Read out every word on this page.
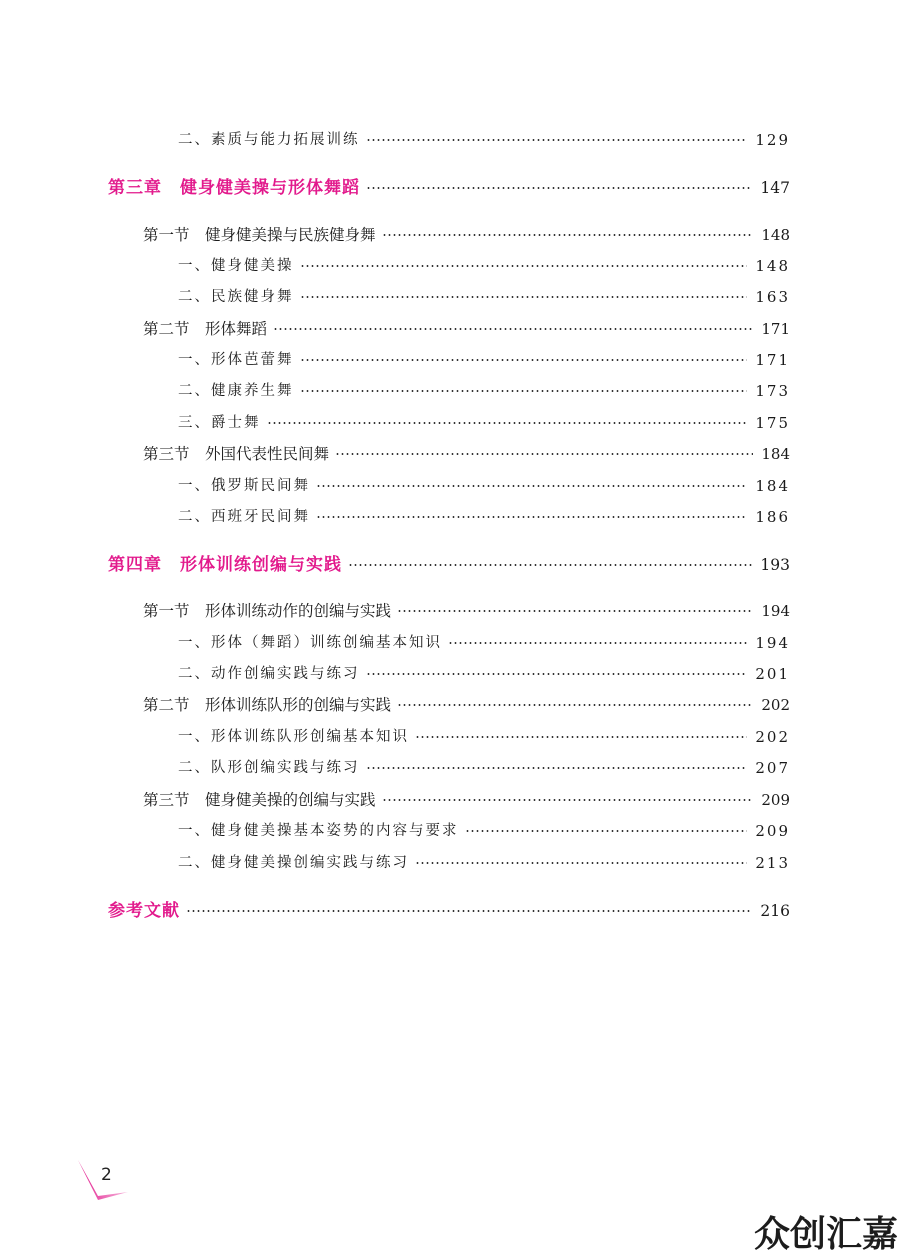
二、素质与能力拓展训练	129
第三章　健身健美操与形体舞蹈	147
第一节　健身健美操与民族健身舞	148
一、健身健美操	148
二、民族健身舞	163
第二节　形体舞蹈	171
一、形体芭蕾舞	171
二、健康养生舞	173
三、爵士舞	175
第三节　外国代表性民间舞	184
一、俄罗斯民间舞	184
二、西班牙民间舞	186
第四章　形体训练创编与实践	193
第一节　形体训练动作的创编与实践	194
一、形体（舞蹈）训练创编基本知识	194
二、动作创编实践与练习	201
第二节　形体训练队形的创编与实践	202
一、形体训练队形创编基本知识	202
二、队形创编实践与练习	207
第三节　健身健美操的创编与实践	209
一、健身健美操基本姿势的内容与要求	209
二、健身健美操创编实践与练习	213
参考文献	216
2
众创汇嘉
